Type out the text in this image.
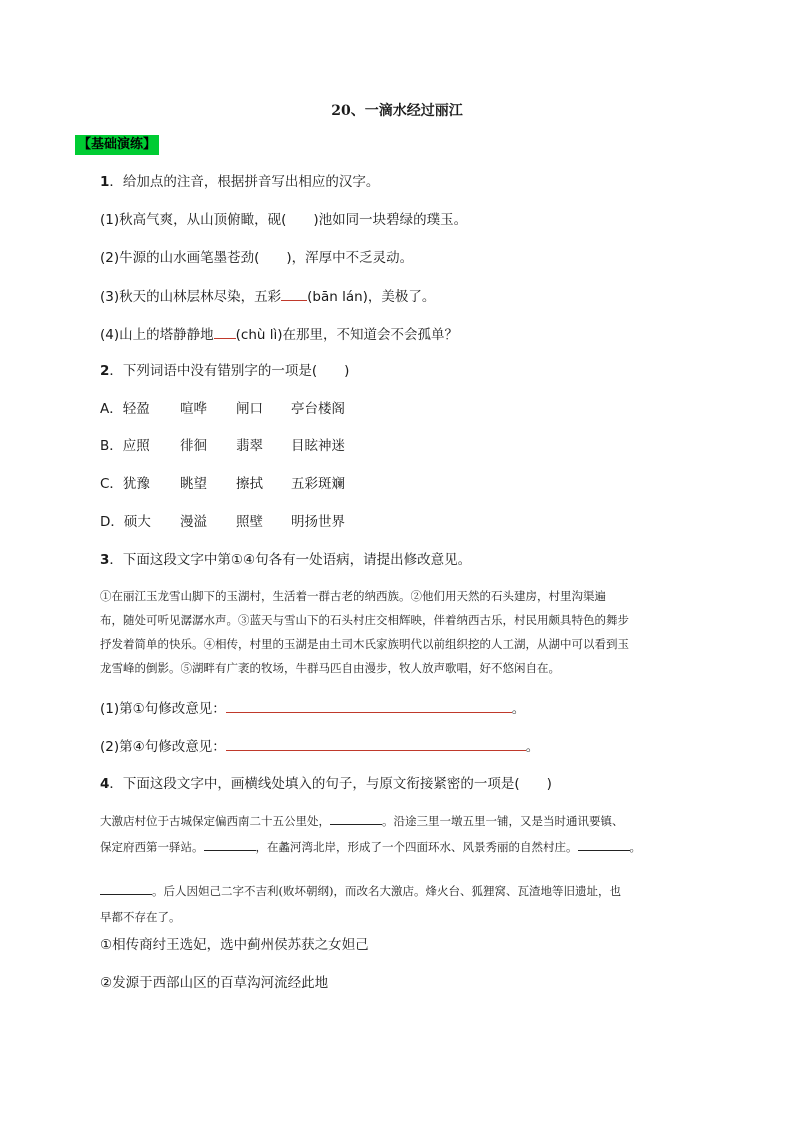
20、一滴水经过丽江
【基础演练】
1．给加点的注音，根据拼音写出相应的汉字。
(1)秋高气爽，从山顶俯瞰，砚(　　)池如同一块碧绿的璞玉。
(2)牛源的山水画笔墨苍劲(　　)，浑厚中不乏灵动。
(3)秋天的山林层林尽染，五彩 (bān lán)，美极了。
(4)山上的塔静静地 (chù lì)在那里，不知道会不会孤单？
2．下列词语中没有错别字的一项是(　　)
A．轻盈 喧哗 闸口 亭台楼阁
B．应照 徘徊 翡翠 目眩神迷
C．犹豫 眺望 擦拭 五彩斑斓
D．硕大 漫溢 照壁 明扬世界
3．下面这段文字中第①④句各有一处语病，请提出修改意见。
①在丽江玉龙雪山脚下的玉湖村，生活着一群古老的纳西族。②他们用天然的石头建房，村里沟渠遍
布，随处可听见潺潺水声。③蓝天与雪山下的石头村庄交相辉映，伴着纳西古乐，村民用颇具特色的舞步
抒发着简单的快乐。④相传，村里的玉湖是由土司木氏家族明代以前组织挖的人工湖，从湖中可以看到玉
龙雪峰的倒影。⑤湖畔有广袤的牧场，牛群马匹自由漫步，牧人放声歌唱，好不悠闲自在。
(1)第①句修改意见：	。
(2)第④句修改意见：	。
4．下面这段文字中，画横线处填入的句子，与原文衔接紧密的一项是(　　)
大激店村位于古城保定偏西南二十五公里处，	。沿途三里一墩五里一铺，又是当时通讯要镇、
保定府西第一驿站。	，在蠡河湾北岸，形成了一个四面环水、风景秀丽的自然村庄。	。
。后人因妲己二字不吉利(败坏朝纲)，而改名大激店。烽火台、狐狸窝、瓦渣地等旧遗址，也
早都不存在了。
①相传商纣王选妃，选中蓟州侯苏获之女妲己
②发源于西部山区的百草沟河流经此地
